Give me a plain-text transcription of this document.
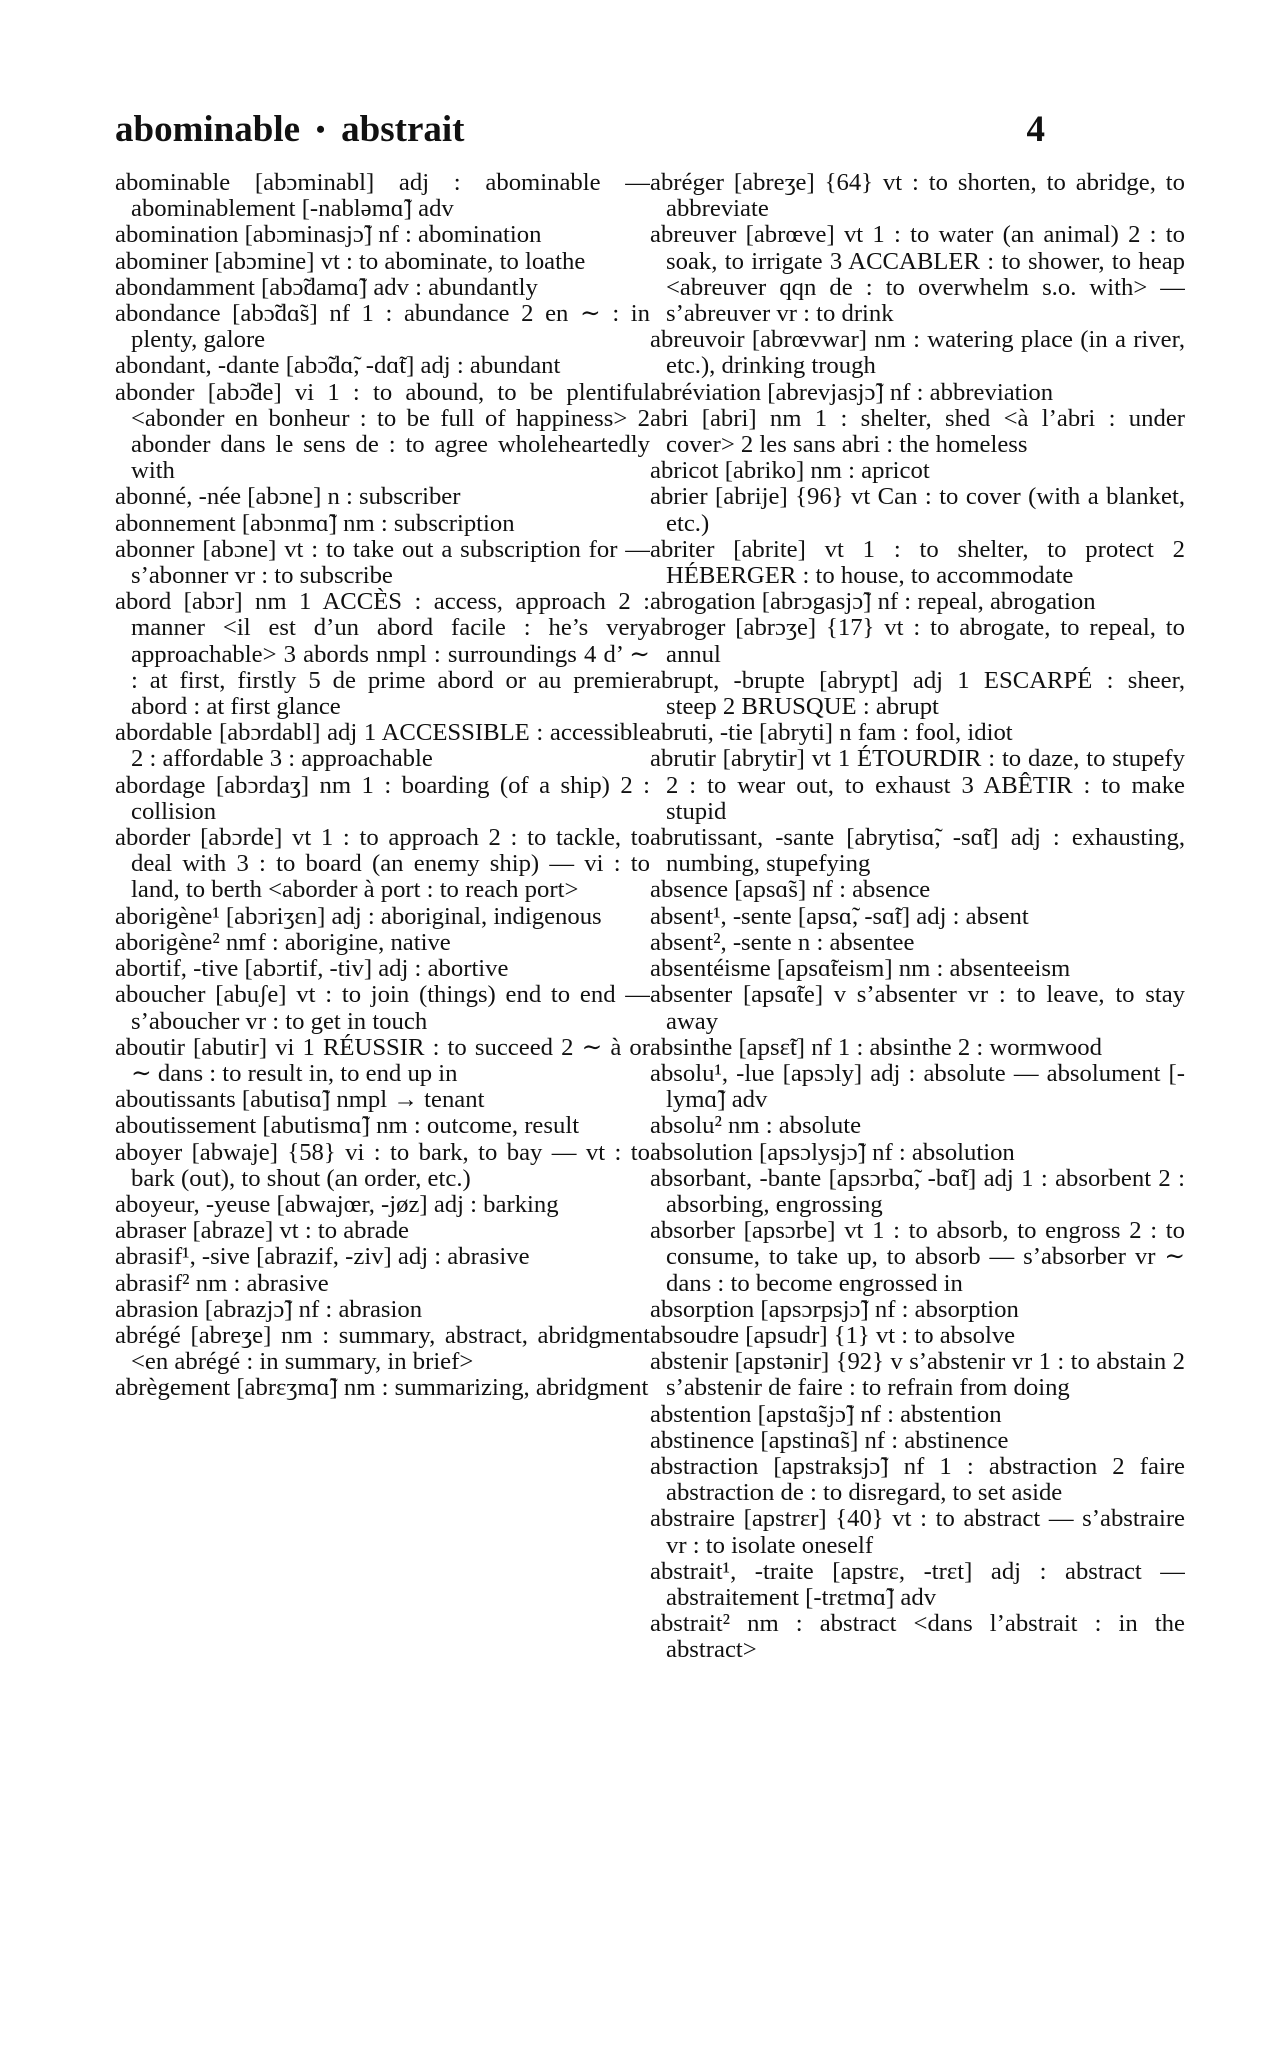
abominable • abstrait	4

abominable [abɔminabl] adj : abominable — abominablement [-nabləmɑ̃] adv

abomination [abɔminasjɔ̃] nf : abomination

abominer [abɔmine] vt : to abominate, to loathe

abondamment [abɔ̃damɑ̃] adv : abundantly

abondance [abɔ̃dɑ̃s] nf 1 : abundance 2 en ∼ : in plenty, galore

abondant, -dante [abɔ̃dɑ̃, -dɑ̃t] adj : abundant

abonder [abɔ̃de] vi 1 : to abound, to be plentiful <abonder en bonheur : to be full of happiness> 2 abonder dans le sens de : to agree wholeheartedly with

abonné, -née [abɔne] n : subscriber

abonnement [abɔnmɑ̃] nm : subscription

abonner [abɔne] vt : to take out a subscription for — s’abonner vr : to subscribe

abord [abɔr] nm 1 ACCÈS : access, approach 2 : manner <il est d’un abord facile : he’s very approachable> 3 abords nmpl : surroundings 4 d’ ∼ : at first, firstly 5 de prime abord or au premier abord : at first glance

abordable [abɔrdabl] adj 1 ACCESSIBLE : accessible 2 : affordable 3 : approachable

abordage [abɔrdaʒ] nm 1 : boarding (of a ship) 2 : collision

aborder [abɔrde] vt 1 : to approach 2 : to tackle, to deal with 3 : to board (an enemy ship) — vi : to land, to berth <aborder à port : to reach port>

aborigène¹ [abɔriʒɛn] adj : aboriginal, indigenous

aborigène² nmf : aborigine, native

abortif, -tive [abɔrtif, -tiv] adj : abortive

aboucher [abuʃe] vt : to join (things) end to end — s’aboucher vr : to get in touch

aboutir [abutir] vi 1 RÉUSSIR : to succeed 2 ∼ à or ∼ dans : to result in, to end up in

aboutissants [abutisɑ̃] nmpl → tenant

aboutissement [abutismɑ̃] nm : outcome, result

aboyer [abwaje] {58} vi : to bark, to bay — vt : to bark (out), to shout (an order, etc.)

aboyeur, -yeuse [abwajœr, -jøz] adj : barking

abraser [abraze] vt : to abrade

abrasif¹, -sive [abrazif, -ziv] adj : abrasive

abrasif² nm : abrasive

abrasion [abrazjɔ̃] nf : abrasion

abrégé [abreʒe] nm : summary, abstract, abridgment <en abrégé : in summary, in brief>

abrègement [abrɛʒmɑ̃] nm : summarizing, abridgment

abréger [abreʒe] {64} vt : to shorten, to abridge, to abbreviate

abreuver [abrœve] vt 1 : to water (an animal) 2 : to soak, to irrigate 3 ACCABLER : to shower, to heap <abreuver qqn de : to overwhelm s.o. with> — s’abreuver vr : to drink

abreuvoir [abrœvwar] nm : watering place (in a river, etc.), drinking trough

abréviation [abrevjasjɔ̃] nf : abbreviation

abri [abri] nm 1 : shelter, shed <à l’abri : under cover> 2 les sans abri : the homeless

abricot [abriko] nm : apricot

abrier [abrije] {96} vt Can : to cover (with a blanket, etc.)

abriter [abrite] vt 1 : to shelter, to protect 2 HÉBERGER : to house, to accommodate

abrogation [abrɔgasjɔ̃] nf : repeal, abrogation

abroger [abrɔʒe] {17} vt : to abrogate, to repeal, to annul

abrupt, -brupte [abrypt] adj 1 ESCARPÉ : sheer, steep 2 BRUSQUE : abrupt

abruti, -tie [abryti] n fam : fool, idiot

abrutir [abrytir] vt 1 ÉTOURDIR : to daze, to stupefy 2 : to wear out, to exhaust 3 ABÊTIR : to make stupid

abrutissant, -sante [abrytisɑ̃, -sɑ̃t] adj : exhausting, numbing, stupefying

absence [apsɑ̃s] nf : absence

absent¹, -sente [apsɑ̃, -sɑ̃t] adj : absent

absent², -sente n : absentee

absentéisme [apsɑ̃teism] nm : absenteeism

absenter [apsɑ̃te] v s’absenter vr : to leave, to stay away

absinthe [apsɛ̃t] nf 1 : absinthe 2 : wormwood

absolu¹, -lue [apsɔly] adj : absolute — absolument [-lymɑ̃] adv

absolu² nm : absolute

absolution [apsɔlysjɔ̃] nf : absolution

absorbant, -bante [apsɔrbɑ̃, -bɑ̃t] adj 1 : absorbent 2 : absorbing, engrossing

absorber [apsɔrbe] vt 1 : to absorb, to engross 2 : to consume, to take up, to absorb — s’absorber vr ∼ dans : to become engrossed in

absorption [apsɔrpsjɔ̃] nf : absorption

absoudre [apsudr] {1} vt : to absolve

abstenir [apstənir] {92} v s’abstenir vr 1 : to abstain 2 s’abstenir de faire : to refrain from doing

abstention [apstɑ̃sjɔ̃] nf : abstention

abstinence [apstinɑ̃s] nf : abstinence

abstraction [apstraksjɔ̃] nf 1 : abstraction 2 faire abstraction de : to disregard, to set aside

abstraire [apstrɛr] {40} vt : to abstract — s’abstraire vr : to isolate oneself

abstrait¹, -traite [apstrɛ, -trɛt] adj : abstract — abstraitement [-trɛtmɑ̃] adv

abstrait² nm : abstract <dans l’abstrait : in the abstract>
